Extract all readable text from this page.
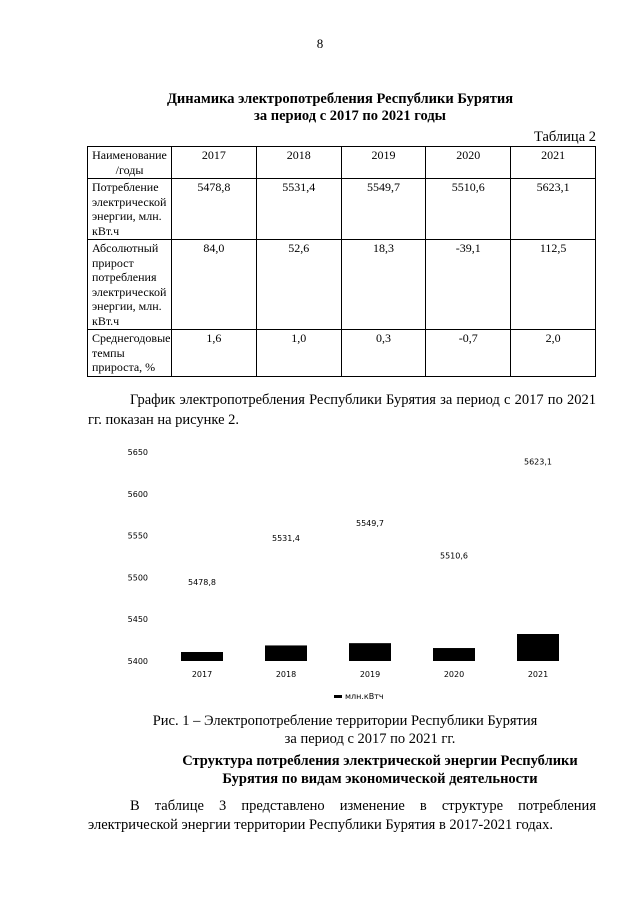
8
Динамика электропотребления Республики Бурятия
за период с 2017 по 2021 годы
Таблица 2
Наименование /годы	2017	2018	2019	2020	2021
Потребление электрической энергии, млн. кВт.ч	5478,8	5531,4	5549,7	5510,6	5623,1
Абсолютный прирост потребления электрической энергии, млн. кВт.ч	84,0	52,6	18,3	-39,1	112,5
Среднегодовые темпы прироста, %	1,6	1,0	0,3	-0,7	2,0
График электропотребления Республики Бурятия за период с 2017 по 2021 гг. показан на рисунке 2.
5400
5450
5500
5550
5600
5650
5478,8
5531,4
5549,7
5510,6
5623,1
2017	2018	2019	2020	2021
млн.кВтч
Рис. 1 – Электропотребление территории Республики Бурятия
за период с 2017 по 2021 гг.
Структура потребления электрической энергии Республики
Бурятия по видам экономической деятельности
В таблице 3 представлено изменение в структуре потребления электрической энергии территории Республики Бурятия в 2017-2021 годах.
